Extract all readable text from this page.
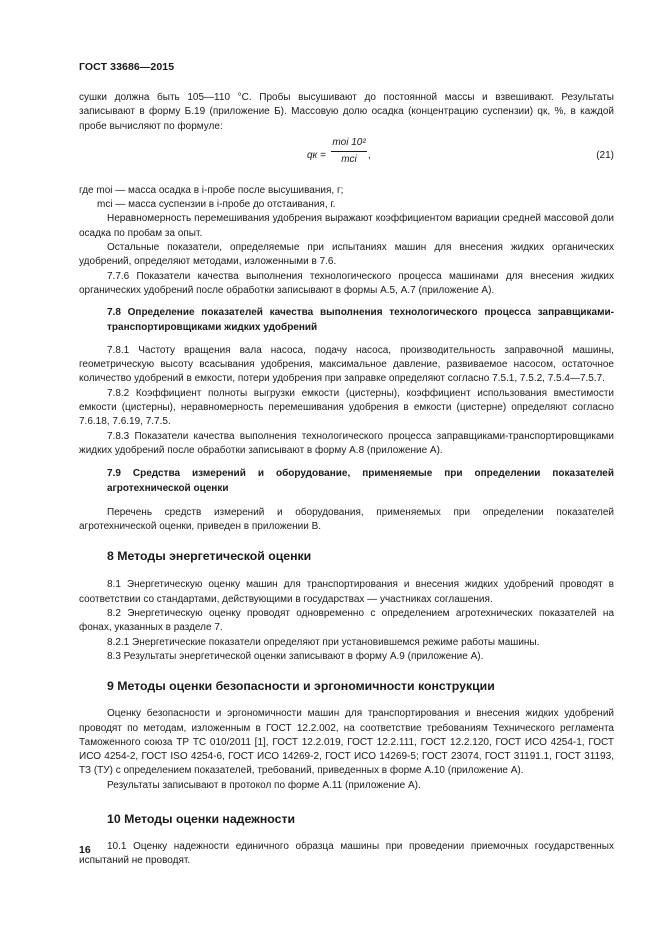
ГОСТ 33686—2015

сушки должна быть 105—110 °С. Пробы высушивают до постоянной массы и взвешивают. Результаты записывают в форму Б.19 (приложение Б). Массовую долю осадка (концентрацию суспензии) qк, %, в каждой пробе вычисляют по формуле:

qк =
mоi 10²
mсi	,	(21)

где mоi — масса осадка в i-пробе после высушивания, г;

mсi — масса суспензии в i-пробе до отстаивания, г.

Неравномерность перемешивания удобрения выражают коэффициентом вариации средней массовой доли осадка по пробам за опыт.

Остальные показатели, определяемые при испытаниях машин для внесения жидких органических удобрений, определяют методами, изложенными в 7.6.

7.7.6 Показатели качества выполнения технологического процесса машинами для внесения жидких органических удобрений после обработки записывают в формы А.5, А.7 (приложение А).

7.8 Определение показателей качества выполнения технологического процесса заправщиками-транспортировщиками жидких удобрений

7.8.1 Частоту вращения вала насоса, подачу насоса, производительность заправочной машины, геометрическую высоту всасывания удобрения, максимальное давление, развиваемое насосом, остаточное количество удобрений в емкости, потери удобрения при заправке определяют согласно 7.5.1, 7.5.2, 7.5.4—7.5.7.

7.8.2 Коэффициент полноты выгрузки емкости (цистерны), коэффициент использования вместимости емкости (цистерны), неравномерность перемешивания удобрения в емкости (цистерне) определяют согласно 7.6.18, 7.6.19, 7.7.5.

7.8.3 Показатели качества выполнения технологического процесса заправщиками-транспортировщиками жидких удобрений после обработки записывают в форму А.8 (приложение А).

7.9 Средства измерений и оборудование, применяемые при определении показателей агротехнической оценки

Перечень средств измерений и оборудования, применяемых при определении показателей агротехнической оценки, приведен в приложении В.

8 Методы энергетической оценки

8.1 Энергетическую оценку машин для транспортирования и внесения жидких удобрений проводят в соответствии со стандартами, действующими в государствах — участниках соглашения.

8.2 Энергетическую оценку проводят одновременно с определением агротехнических показателей на фонах, указанных в разделе 7.

8.2.1 Энергетические показатели определяют при установившемся режиме работы машины.

8.3 Результаты энергетической оценки записывают в форму А.9 (приложение А).

9 Методы оценки безопасности и эргономичности конструкции

Оценку безопасности и эргономичности машин для транспортирования и внесения жидких удобрений проводят по методам, изложенным в ГОСТ 12.2.002, на соответствие требованиям Технического регламента Таможенного союза ТР ТС 010/2011 [1], ГОСТ 12.2.019, ГОСТ 12.2.111, ГОСТ 12.2.120, ГОСТ ИСО 4254-1, ГОСТ ИСО 4254-2, ГОСТ ISO 4254-6, ГОСТ ИСО 14269-2, ГОСТ ИСО 14269-5; ГОСТ 23074, ГОСТ 31191.1, ГОСТ 31193, ТЗ (ТУ) с определением показателей, требований, приведенных в форме А.10 (приложение А).

Результаты записывают в протокол по форме А.11 (приложение А).

10 Методы оценки надежности

10.1 Оценку надежности единичного образца машины при проведении приемочных государственных испытаний не проводят.

16
